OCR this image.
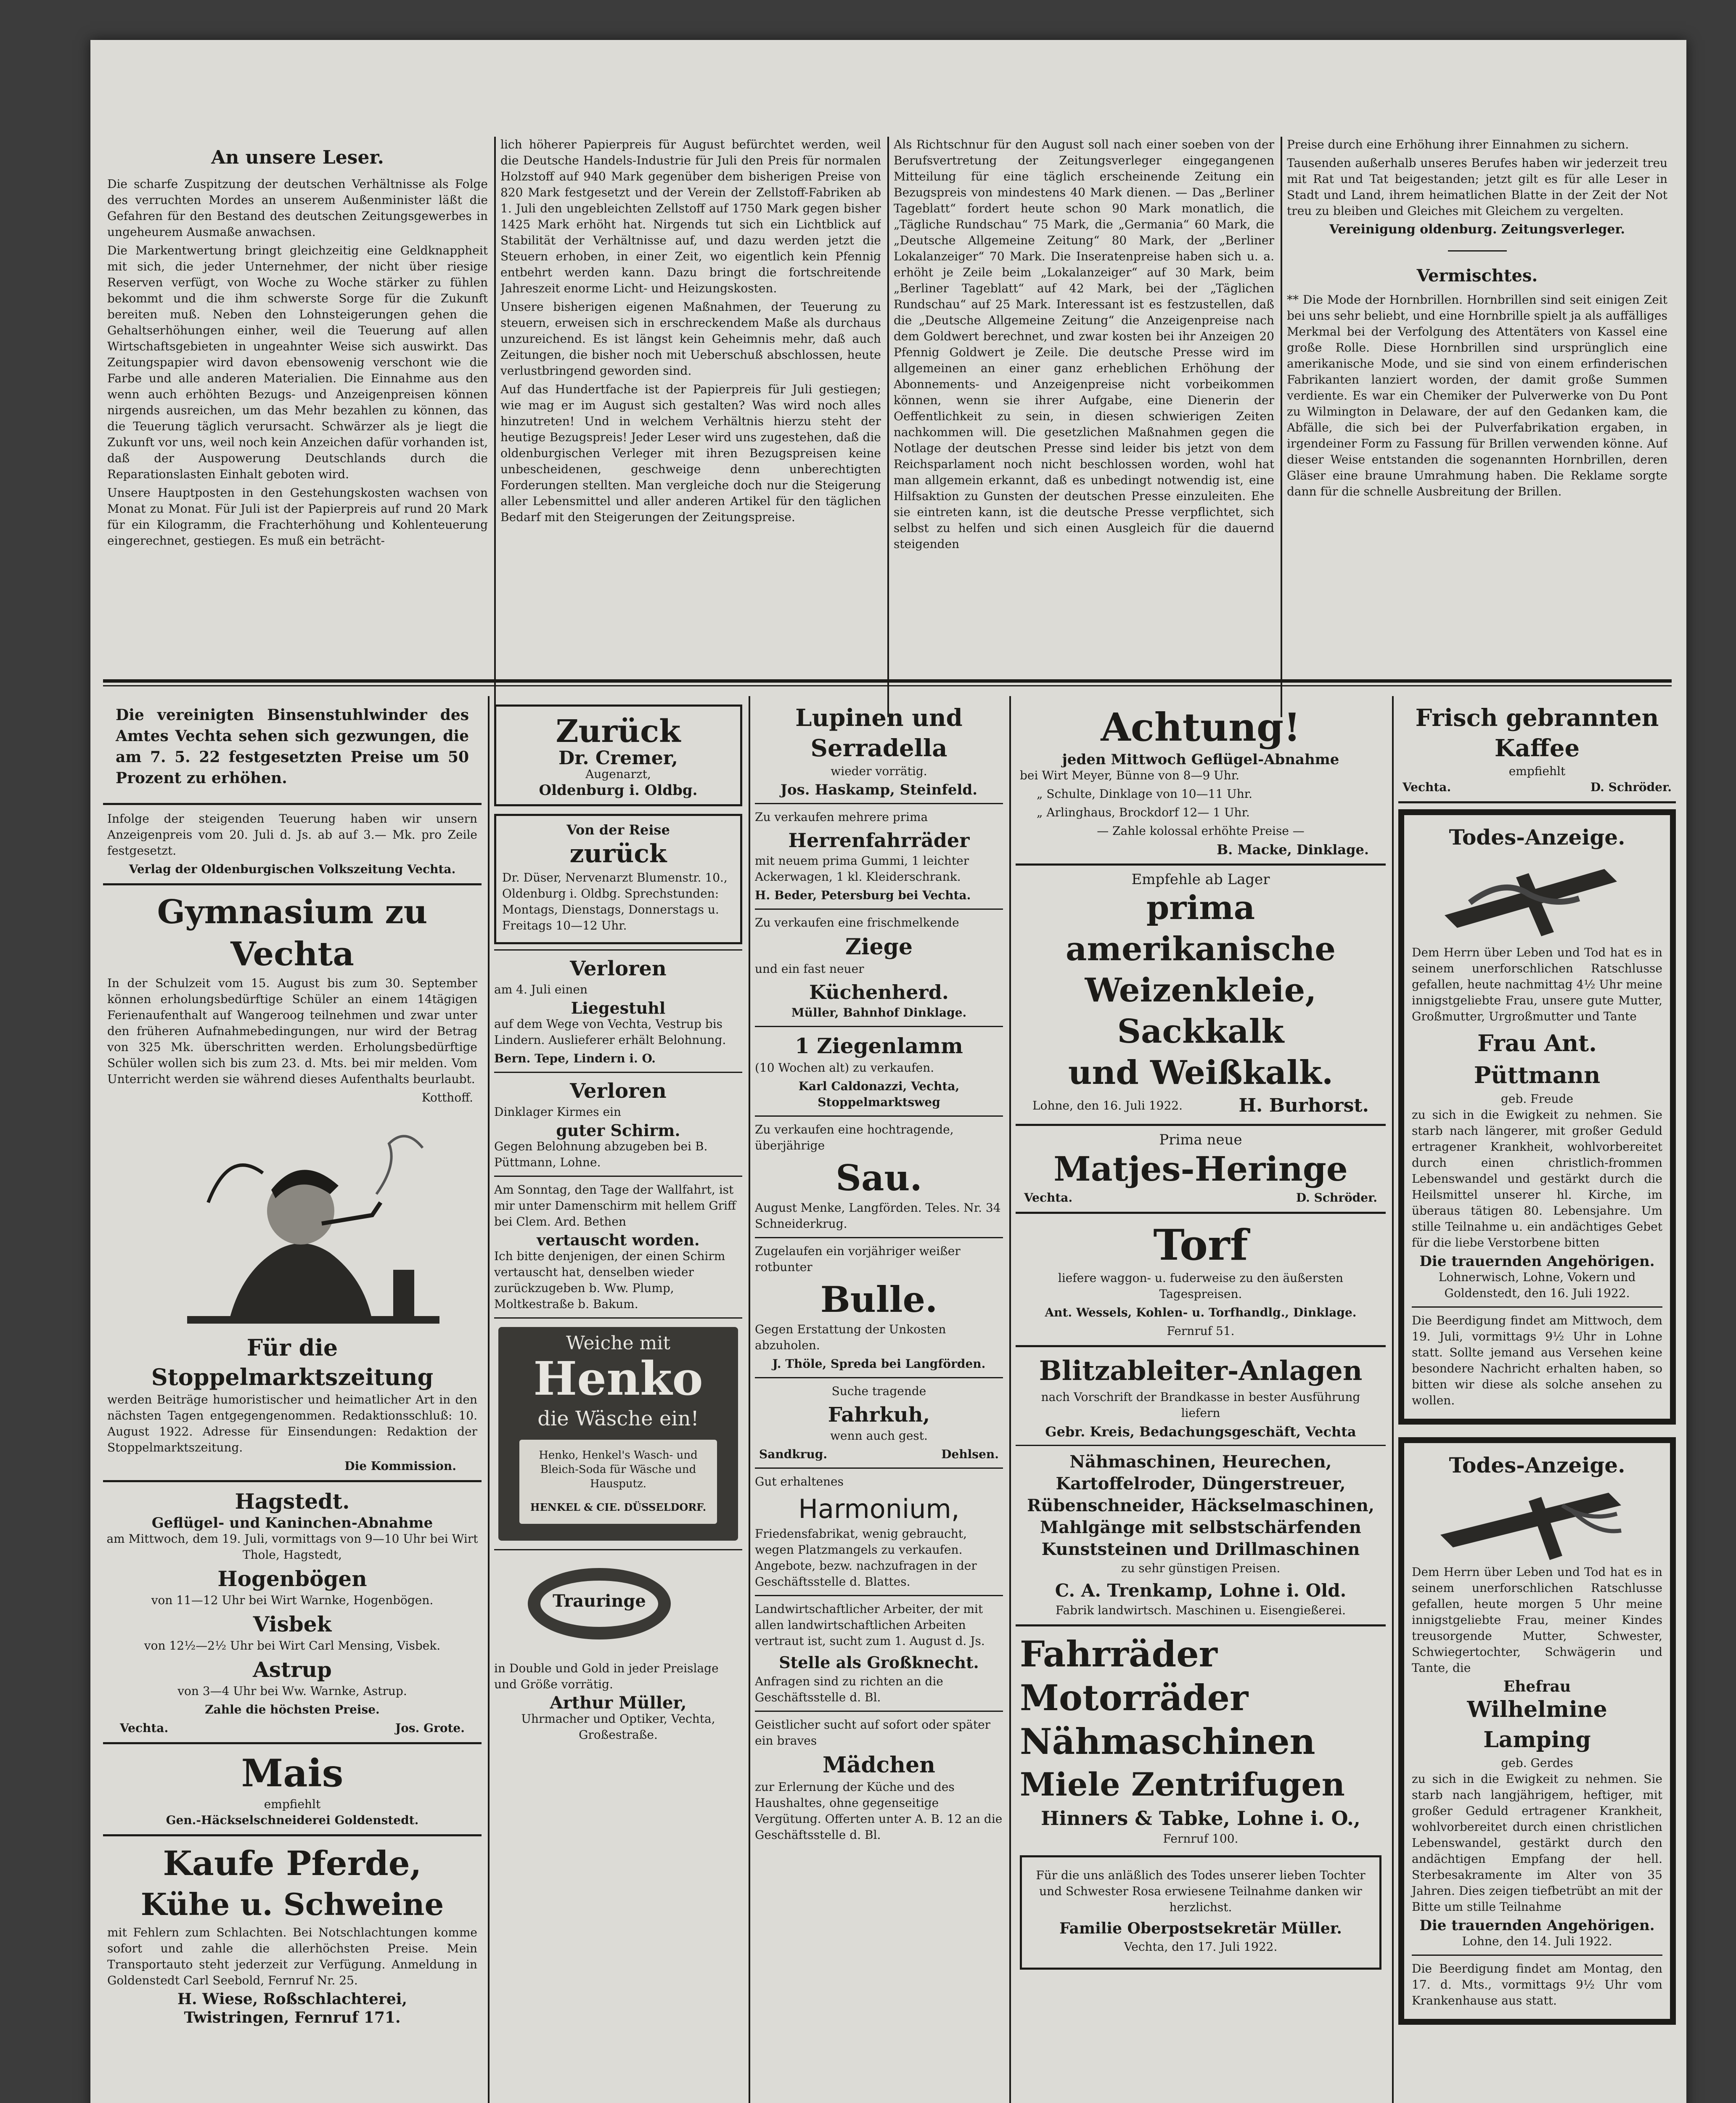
An unsere Leser.

Die scharfe Zuspitzung der deutschen Verhältnisse als Folge des verruchten Mordes an unserem Außenminister läßt die Gefahren für den Bestand des deutschen Zeitungsgewerbes in ungeheurem Ausmaße anwachsen.

Die Markentwertung bringt gleichzeitig eine Geldknappheit mit sich, die jeder Unternehmer, der nicht über riesige Reserven verfügt, von Woche zu Woche stärker zu fühlen bekommt und die ihm schwerste Sorge für die Zukunft bereiten muß. Neben den Lohnsteigerungen gehen die Gehaltserhöhungen einher, weil die Teuerung auf allen Wirtschaftsgebieten in ungeahnter Weise sich auswirkt. Das Zeitungspapier wird davon ebensowenig verschont wie die Farbe und alle anderen Materialien. Die Einnahme aus den wenn auch erhöhten Bezugs- und Anzeigenpreisen können nirgends ausreichen, um das Mehr bezahlen zu können, das die Teuerung täglich verursacht. Schwärzer als je liegt die Zukunft vor uns, weil noch kein Anzeichen dafür vorhanden ist, daß der Auspowerung Deutschlands durch die Reparationslasten Einhalt geboten wird.

Unsere Hauptposten in den Gestehungskosten wachsen von Monat zu Monat. Für Juli ist der Papierpreis auf rund 20 Mark für ein Kilogramm, die Frachterhöhung und Kohlenteuerung eingerechnet, gestiegen. Es muß ein beträcht-

lich höherer Papierpreis für August befürchtet werden, weil die Deutsche Handels-Industrie für Juli den Preis für normalen Holzstoff auf 940 Mark gegenüber dem bisherigen Preise von 820 Mark festgesetzt und der Verein der Zellstoff-Fabriken ab 1. Juli den ungebleichten Zellstoff auf 1750 Mark gegen bisher 1425 Mark erhöht hat. Nirgends tut sich ein Lichtblick auf Stabilität der Verhältnisse auf, und dazu werden jetzt die Steuern erhoben, in einer Zeit, wo eigentlich kein Pfennig entbehrt werden kann. Dazu bringt die fortschreitende Jahreszeit enorme Licht- und Heizungskosten.

Unsere bisherigen eigenen Maßnahmen, der Teuerung zu steuern, erweisen sich in erschreckendem Maße als durchaus unzureichend. Es ist längst kein Geheimnis mehr, daß auch Zeitungen, die bisher noch mit Ueberschuß abschlossen, heute verlustbringend geworden sind.

Auf das Hundertfache ist der Papierpreis für Juli gestiegen; wie mag er im August sich gestalten? Was wird noch alles hinzutreten! Und in welchem Verhältnis hierzu steht der heutige Bezugspreis! Jeder Leser wird uns zugestehen, daß die oldenburgischen Verleger mit ihren Bezugspreisen keine unbescheidenen, geschweige denn unberechtigten Forderungen stellten. Man vergleiche doch nur die Steigerung aller Lebensmittel und aller anderen Artikel für den täglichen Bedarf mit den Steigerungen der Zeitungspreise.

Als Richtschnur für den August soll nach einer soeben von der Berufsvertretung der Zeitungsverleger eingegangenen Mitteilung für eine täglich erscheinende Zeitung ein Bezugspreis von mindestens 40 Mark dienen. — Das „Berliner Tageblatt“ fordert heute schon 90 Mark monatlich, die „Tägliche Rundschau“ 75 Mark, die „Germania“ 60 Mark, die „Deutsche Allgemeine Zeitung“ 80 Mark, der „Berliner Lokalanzeiger“ 70 Mark. Die Inseratenpreise haben sich u. a. erhöht je Zeile beim „Lokalanzeiger“ auf 30 Mark, beim „Berliner Tageblatt“ auf 42 Mark, bei der „Täglichen Rundschau“ auf 25 Mark. Interessant ist es festzustellen, daß die „Deutsche Allgemeine Zeitung“ die Anzeigenpreise nach dem Goldwert berechnet, und zwar kosten bei ihr Anzeigen 20 Pfennig Goldwert je Zeile. Die deutsche Presse wird im allgemeinen an einer ganz erheblichen Erhöhung der Abonnements- und Anzeigenpreise nicht vorbeikommen können, wenn sie ihrer Aufgabe, eine Dienerin der Oeffentlichkeit zu sein, in diesen schwierigen Zeiten nachkommen will. Die gesetzlichen Maßnahmen gegen die Notlage der deutschen Presse sind leider bis jetzt von dem Reichsparlament noch nicht beschlossen worden, wohl hat man allgemein erkannt, daß es unbedingt notwendig ist, eine Hilfsaktion zu Gunsten der deutschen Presse einzuleiten. Ehe sie eintreten kann, ist die deutsche Presse verpflichtet, sich selbst zu helfen und sich einen Ausgleich für die dauernd steigenden

Preise durch eine Erhöhung ihrer Einnahmen zu sichern.

Tausenden außerhalb unseres Berufes haben wir jederzeit treu mit Rat und Tat beigestanden; jetzt gilt es für alle Leser in Stadt und Land, ihrem heimatlichen Blatte in der Zeit der Not treu zu bleiben und Gleiches mit Gleichem zu vergelten.

Vereinigung oldenburg. Zeitungsverleger.

Vermischtes.

** Die Mode der Hornbrillen. Hornbrillen sind seit einigen Zeit bei uns sehr beliebt, und eine Hornbrille spielt ja als auffälliges Merkmal bei der Verfolgung des Attentäters von Kassel eine große Rolle. Diese Hornbrillen sind ursprünglich eine amerikanische Mode, und sie sind von einem erfinderischen Fabrikanten lanziert worden, der damit große Summen verdiente. Es war ein Chemiker der Pulverwerke von Du Pont zu Wilmington in Delaware, der auf den Gedanken kam, die Abfälle, die sich bei der Pulverfabrikation ergaben, in irgendeiner Form zu Fassung für Brillen verwenden könne. Auf dieser Weise entstanden die sogenannten Hornbrillen, deren Gläser eine braune Umrahmung haben. Die Reklame sorgte dann für die schnelle Ausbreitung der Brillen.

Die vereinigten Binsenstuhlwinder des Amtes Vechta sehen sich gezwungen, die am 7. 5. 22 festgesetzten Preise um 50 Prozent zu erhöhen.

Infolge der steigenden Teuerung haben wir unsern Anzeigenpreis vom 20. Juli d. Js. ab auf 3.— Mk. pro Zeile festgesetzt.

Verlag der Oldenburgischen Volkszeitung Vechta.

Gymnasium zu Vechta

In der Schulzeit vom 15. August bis zum 30. September können erholungsbedürftige Schüler an einem 14tägigen Ferienaufenthalt auf Wangeroog teilnehmen und zwar unter den früheren Aufnahmebedingungen, nur wird der Betrag von 325 Mk. überschritten werden. Erholungsbedürftige Schüler wollen sich bis zum 23. d. Mts. bei mir melden. Vom Unterricht werden sie während dieses Aufenthalts beurlaubt.

Kotthoff.

Für die Stoppelmarktszeitung

werden Beiträge humoristischer und heimatlicher Art in den nächsten Tagen entgegengenommen. Redaktionsschluß: 10. August 1922. Adresse für Einsendungen: Redaktion der Stoppelmarktszeitung.

Die Kommission.

Hagstedt.
Geflügel- und Kaninchen-Abnahme

am Mittwoch, dem 19. Juli, vormittags von 9—10 Uhr bei Wirt Thole, Hagstedt,

Hogenbögen

von 11—12 Uhr bei Wirt Warnke, Hogenbögen.

Visbek

von 12½—2½ Uhr bei Wirt Carl Mensing, Visbek.

Astrup

von 3—4 Uhr bei Ww. Warnke, Astrup.

Zahle die höchsten Preise.

Vechta.	Jos. Grote.
Mais
empfiehlt

Gen.-Häckselschneiderei Goldenstedt.

Kaufe Pferde,
Kühe u. Schweine

mit Fehlern zum Schlachten. Bei Notschlachtungen komme sofort und zahle die allerhöchsten Preise. Mein Transportauto steht jederzeit zur Verfügung. Anmeldung in Goldenstedt Carl Seebold, Fernruf Nr. 25.

H. Wiese, Roßschlachterei,

Twistringen, Fernruf 171.

Zurück
Dr. Cremer,
Augenarzt,
Oldenburg i. Oldbg.
Von der Reise
zurück

Dr. Düser, Nervenarzt Blumenstr. 10., Oldenburg i. Oldbg. Sprechstunden: Montags, Dienstags, Donnerstags u. Freitags 10—12 Uhr.

Verloren

am 4. Juli einen

Liegestuhl

auf dem Wege von Vechta, Vestrup bis Lindern. Auslieferer erhält Belohnung.

Bern. Tepe, Lindern i. O.

Verloren

Dinklager Kirmes ein

guter Schirm.

Gegen Belohnung abzugeben bei B. Püttmann, Lohne.

Am Sonntag, den Tage der Wallfahrt, ist mir unter Damenschirm mit hellem Griff bei Clem. Ard. Bethen

vertauscht worden.

Ich bitte denjenigen, der einen Schirm vertauscht hat, denselben wieder zurückzugeben b. Ww. Plump, Moltkestraße b. Bakum.

Weiche mit
Henko
die Wäsche ein!
Henko, Henkel's Wasch- und Bleich-Soda für Wäsche und Hausputz.
HENKEL & CIE. DÜSSELDORF.
Trauringe

in Double und Gold in jeder Preislage und Größe vorrätig.

Arthur Müller,

Uhrmacher und Optiker, Vechta, Großestraße.

Lupinen und Serradella

wieder vorrätig.

Jos. Haskamp, Steinfeld.

Zu verkaufen mehrere prima

Herrenfahrräder

mit neuem prima Gummi, 1 leichter Ackerwagen, 1 kl. Kleiderschrank.

H. Beder, Petersburg bei Vechta.

Zu verkaufen eine frischmelkende

Ziege

und ein fast neuer

Küchenherd.

Müller, Bahnhof Dinklage.

1 Ziegenlamm

(10 Wochen alt) zu verkaufen.

Karl Caldonazzi, Vechta, Stoppelmarktsweg

Zu verkaufen eine hochtragende, überjährige

Sau.

August Menke, Langförden. Teles. Nr. 34 Schneiderkrug.

Zugelaufen ein vorjähriger weißer rotbunter

Bulle.

Gegen Erstattung der Unkosten abzuholen.

J. Thöle, Spreda bei Langförden.

Suche tragende

Fahrkuh,

wenn auch gest.

Sandkrug.	Dehlsen.

Gut erhaltenes

Harmonium,

Friedensfabrikat, wenig gebraucht, wegen Platzmangels zu verkaufen. Angebote, bezw. nachzufragen in der Geschäftsstelle d. Blattes.

Landwirtschaftlicher Arbeiter, der mit allen landwirtschaftlichen Arbeiten vertraut ist, sucht zum 1. August d. Js.

Stelle als Großknecht.

Anfragen sind zu richten an die Geschäftsstelle d. Bl.

Geistlicher sucht auf sofort oder später ein braves

Mädchen

zur Erlernung der Küche und des Haushaltes, ohne gegenseitige Vergütung. Offerten unter A. B. 12 an die Geschäftsstelle d. Bl.

Achtung!
jeden Mittwoch Geflügel-Abnahme

bei Wirt Meyer, Bünne von 8—9 Uhr.

„ Schulte, Dinklage von 10—11 Uhr.

„ Arlinghaus, Brockdorf 12— 1 Uhr.

— Zahle kolossal erhöhte Preise —

B. Macke, Dinklage.

Empfehle ab Lager
prima amerikanische
Weizenkleie, Sackkalk
und Weißkalk.
Lohne, den 16. Juli 1922.	H. Burhorst.
Prima neue
Matjes-Heringe
Vechta.	D. Schröder.
Torf

liefere waggon- u. fuderweise zu den äußersten Tagespreisen.

Ant. Wessels, Kohlen- u. Torfhandlg., Dinklage.

Fernruf 51.

Blitzableiter-Anlagen

nach Vorschrift der Brandkasse in bester Ausführung liefern

Gebr. Kreis, Bedachungsgeschäft, Vechta

Nähmaschinen, Heurechen, Kartoffelroder, Düngerstreuer, Rübenschneider, Häckselmaschinen, Mahlgänge mit selbstschärfenden Kunststeinen und Drillmaschinen

zu sehr günstigen Preisen.

C. A. Trenkamp, Lohne i. Old.

Fabrik landwirtsch. Maschinen u. Eisengießerei.

Fahrräder
Motorräder
Nähmaschinen
Miele Zentrifugen
Hinners & Tabke, Lohne i. O.,

Fernruf 100.

Für die uns anläßlich des Todes unserer lieben Tochter und Schwester Rosa erwiesene Teilnahme danken wir herzlichst.

Familie Oberpostsekretär Müller.

Vechta, den 17. Juli 1922.

Frisch gebrannten Kaffee
empfiehlt
Vechta.	D. Schröder.
Todes-Anzeige.

Dem Herrn über Leben und Tod hat es in seinem unerforschlichen Ratschlusse gefallen, heute nachmittag 4½ Uhr meine innigstgeliebte Frau, unsere gute Mutter, Großmutter, Urgroßmutter und Tante

Frau Ant. Püttmann
geb. Freude

zu sich in die Ewigkeit zu nehmen. Sie starb nach längerer, mit großer Geduld ertragener Krankheit, wohlvorbereitet durch einen christlich-frommen Lebenswandel und gestärkt durch die Heilsmittel unserer hl. Kirche, im überaus tätigen 80. Lebensjahre. Um stille Teilnahme u. ein andächtiges Gebet für die liebe Verstorbene bitten

Die trauernden Angehörigen.

Lohnerwisch, Lohne, Vokern und Goldenstedt, den 16. Juli 1922.

Die Beerdigung findet am Mittwoch, dem 19. Juli, vormittags 9½ Uhr in Lohne statt. Sollte jemand aus Versehen keine besondere Nachricht erhalten haben, so bitten wir diese als solche ansehen zu wollen.

Todes-Anzeige.

Dem Herrn über Leben und Tod hat es in seinem unerforschlichen Ratschlusse gefallen, heute morgen 5 Uhr meine innigstgeliebte Frau, meiner Kindes treusorgende Mutter, Schwester, Schwiegertochter, Schwägerin und Tante, die

Ehefrau
Wilhelmine Lamping
geb. Gerdes

zu sich in die Ewigkeit zu nehmen. Sie starb nach langjährigem, heftiger, mit großer Geduld ertragener Krankheit, wohlvorbereitet durch einen christlichen Lebenswandel, gestärkt durch den andächtigen Empfang der hell. Sterbesakramente im Alter von 35 Jahren. Dies zeigen tiefbetrübt an mit der Bitte um stille Teilnahme

Die trauernden Angehörigen.

Lohne, den 14. Juli 1922.

Die Beerdigung findet am Montag, den 17. d. Mts., vormittags 9½ Uhr vom Krankenhause aus statt.
